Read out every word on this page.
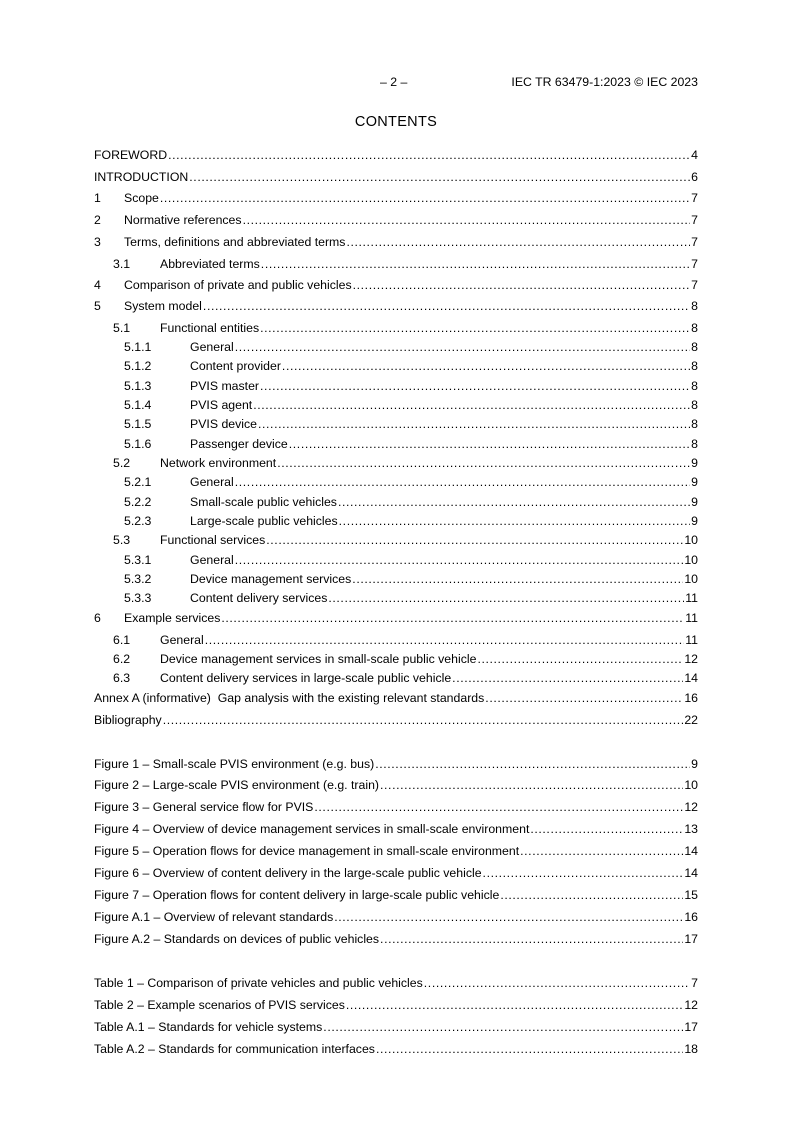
– 2 –	IEC TR 63479-1:2023 © IEC 2023
CONTENTS
FOREWORD .....	4
INTRODUCTION .....	6
1	Scope .....	7
2	Normative references .....	7
3	Terms, definitions and abbreviated terms .....	7
3.1	Abbreviated terms .....	7
4	Comparison of private and public vehicles .....	7
5	System model .....	8
5.1	Functional entities .....	8
5.1.1	General .....	8
5.1.2	Content provider .....	8
5.1.3	PVIS master .....	8
5.1.4	PVIS agent .....	8
5.1.5	PVIS device .....	8
5.1.6	Passenger device .....	8
5.2	Network environment .....	9
5.2.1	General .....	9
5.2.2	Small-scale public vehicles .....	9
5.2.3	Large-scale public vehicles .....	9
5.3	Functional services .....	10
5.3.1	General .....	10
5.3.2	Device management services .....	10
5.3.3	Content delivery services .....	11
6	Example services .....	11
6.1	General .....	11
6.2	Device management services in small-scale public vehicle .....	12
6.3	Content delivery services in large-scale public vehicle .....	14
Annex A (informative)  Gap analysis with the existing relevant standards .....	16
Bibliography .....	22
Figure 1 – Small-scale PVIS environment (e.g. bus) .....	9
Figure 2 – Large-scale PVIS environment (e.g. train) .....	10
Figure 3 – General service flow for PVIS .....	12
Figure 4 – Overview of device management services in small-scale environment .....	13
Figure 5 – Operation flows for device management in small-scale environment .....	14
Figure 6 – Overview of content delivery in the large-scale public vehicle .....	14
Figure 7 – Operation flows for content delivery in large-scale public vehicle .....	15
Figure A.1 – Overview of relevant standards .....	16
Figure A.2 – Standards on devices of public vehicles .....	17
Table 1 – Comparison of private vehicles and public vehicles .....	7
Table 2 – Example scenarios of PVIS services .....	12
Table A.1 – Standards for vehicle systems .....	17
Table A.2 – Standards for communication interfaces .....	18
